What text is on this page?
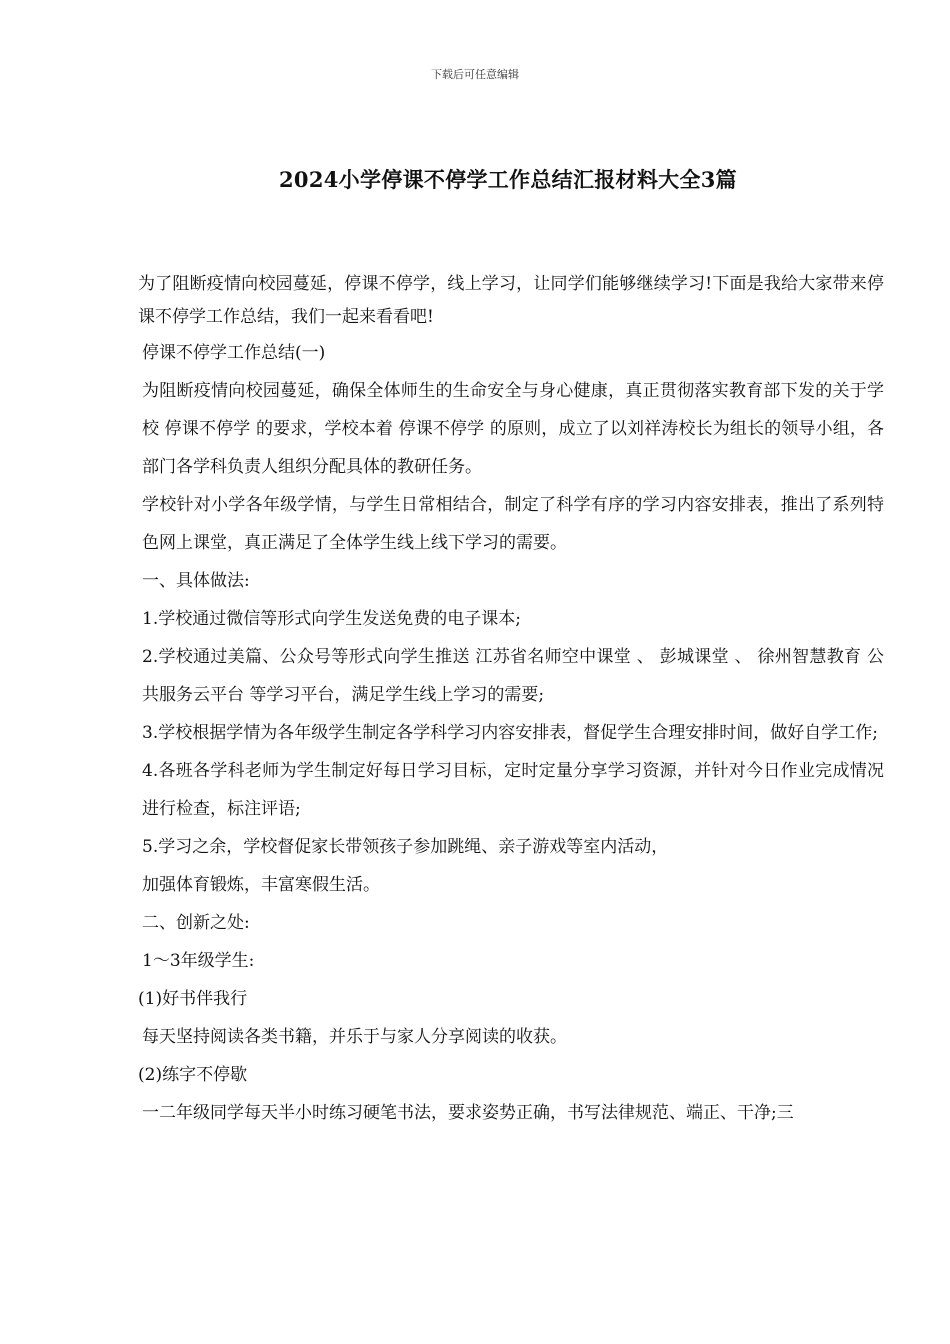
下载后可任意编辑
2024小学停课不停学工作总结汇报材料大全3篇

为了阻断疫情向校园蔓延，停课不停学，线上学习，让同学们能够继续学习!下面是我给大家带来停课不停学工作总结，我们一起来看看吧!

停课不停学工作总结(一)

为阻断疫情向校园蔓延，确保全体师生的生命安全与身心健康，真正贯彻落实教育部下发的关于学校 停课不停学 的要求，学校本着 停课不停学 的原则，成立了以刘祥涛校长为组长的领导小组，各部门各学科负责人组织分配具体的教研任务。

学校针对小学各年级学情，与学生日常相结合，制定了科学有序的学习内容安排表，推出了系列特色网上课堂，真正满足了全体学生线上线下学习的需要。

一、具体做法:

1.学校通过微信等形式向学生发送免费的电子课本;

2.学校通过美篇、公众号等形式向学生推送 江苏省名师空中课堂 、 彭城课堂 、 徐州智慧教育 公共服务云平台 等学习平台，满足学生线上学习的需要;

3.学校根据学情为各年级学生制定各学科学习内容安排表，督促学生合理安排时间，做好自学工作;

4.各班各学科老师为学生制定好每日学习目标，定时定量分享学习资源，并针对今日作业完成情况进行检查，标注评语;

5.学习之余，学校督促家长带领孩子参加跳绳、亲子游戏等室内活动，

加强体育锻炼，丰富寒假生活。

二、创新之处:

1～3年级学生:

(1)好书伴我行

每天坚持阅读各类书籍，并乐于与家人分享阅读的收获。

(2)练字不停歇

一二年级同学每天半小时练习硬笔书法，要求姿势正确，书写法律规范、端正、干净;三
